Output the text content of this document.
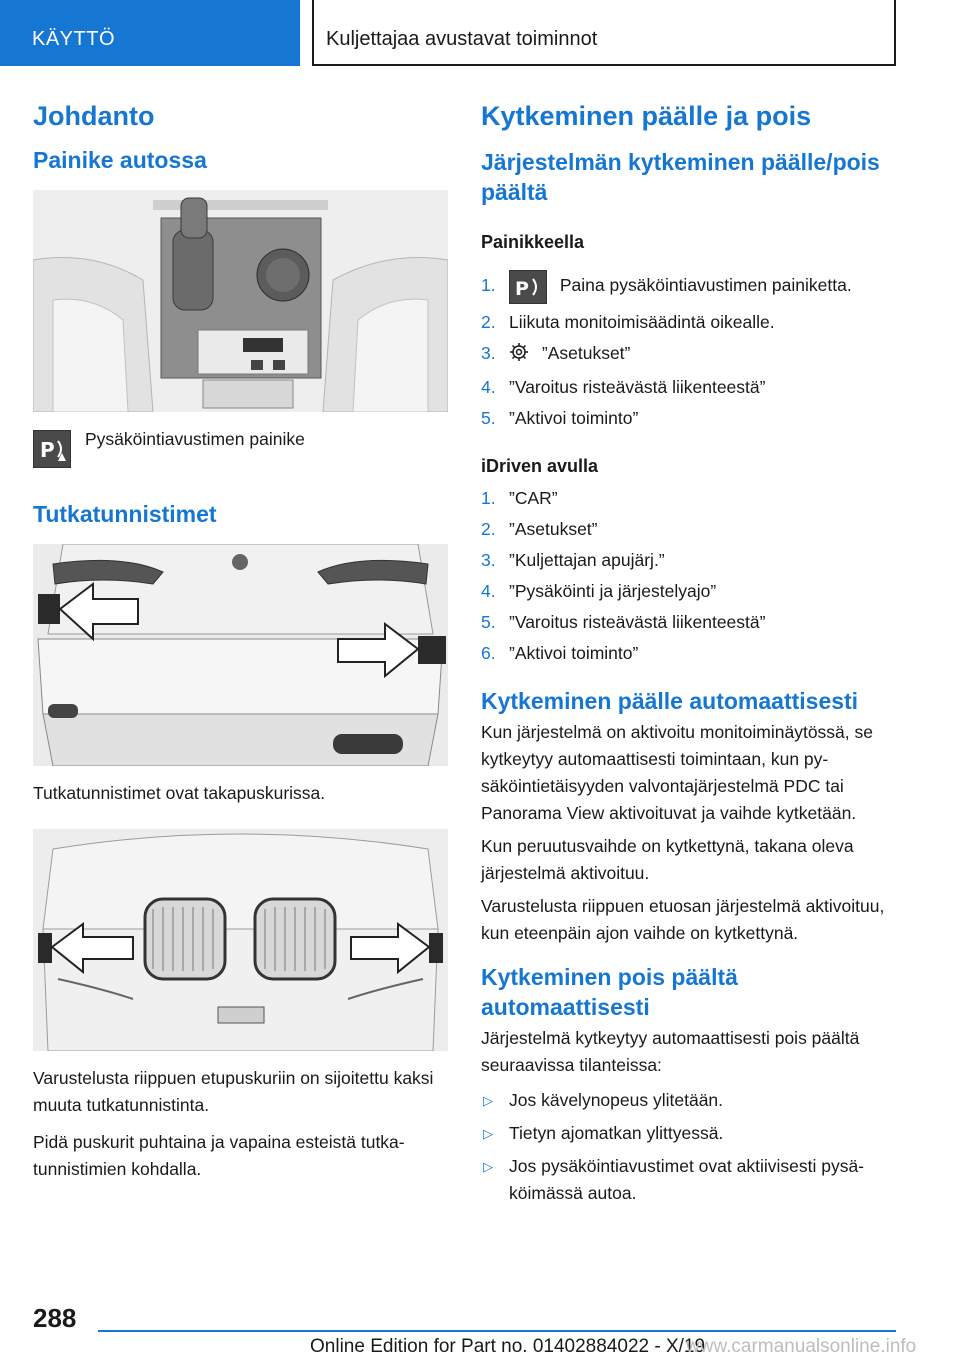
KÄYTTÖ	Kuljettajaa avustavat toiminnot
Johdanto
Painike autossa
P Pysäköintiavustimen painike
Tutkatunnistimet
Tutkatunnistimet ovat takapuskurissa.
Varustelusta riippuen etupuskuriin on sijoitettu kaksi muuta tutkatunnistinta.
Pidä puskurit puhtaina ja vapaina esteistä tutkatunnistimien kohdalla.
Kytkeminen päälle ja pois
Järjestelmän kytkeminen päälle/pois päältä
Painikkeella
1. P Paina pysäköintiavustimen painiketta.
2. Liikuta monitoimisäädintä oikealle.
3.	”Asetukset”
4. ”Varoitus risteävästä liikenteestä”
5. ”Aktivoi toiminto”
iDriven avulla
1. ”CAR”
2. ”Asetukset”
3. ”Kuljettajan apujärj.”
4. ”Pysäköinti ja järjestelyajo”
5. ”Varoitus risteävästä liikenteestä”
6. ”Aktivoi toiminto”
Kytkeminen päälle automaattisesti
Kun järjestelmä on aktivoitu monitoiminäytössä, se kytkeytyy automaattisesti toimintaan, kun pysäköintietäisyyden valvontajärjestelmä PDC tai Panorama View aktivoituvat ja vaihde kytketään.
Kun peruutusvaihde on kytkettynä, takana oleva järjestelmä aktivoituu.
Varustelusta riippuen etuosan järjestelmä aktivoituu, kun eteenpäin ajon vaihde on kytkettynä.
Kytkeminen pois päältä automaattisesti
Järjestelmä kytkeytyy automaattisesti pois päältä seuraavissa tilanteissa:
▷ Jos kävelynopeus ylitetään.
▷ Tietyn ajomatkan ylittyessä.
▷ Jos pysäköintiavustimet ovat aktiivisesti pysäköimässä autoa.
288
Online Edition for Part no. 01402884022 - X/19
www.carmanualsonline.info
